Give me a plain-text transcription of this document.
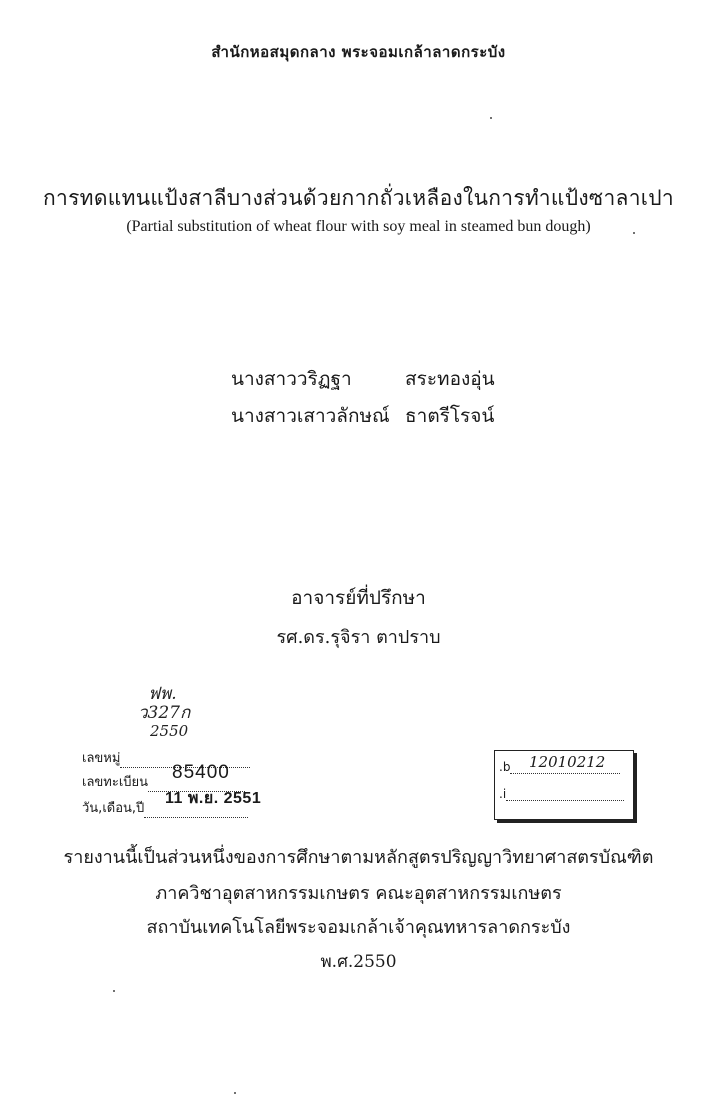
สำนักหอสมุดกลาง พระจอมเกล้าลาดกระบัง
การทดแทนแป้งสาลีบางส่วนด้วยกากถั่วเหลืองในการทำแป้งซาลาเปา
(Partial substitution of wheat flour with soy meal in steamed bun dough)
นางสาววริฏฐา	สระทองอุ่น
นางสาวเสาวลักษณ์ ธาตรีโรจน์
อาจารย์ที่ปรึกษา
รศ.ดร.รุจิรา ตาปราบ
ฟพ.
ว327ก
2550
เลขหมู่
เลขทะเบียน
วัน,เดือน,ปี
85400
11 พ.ย. 2551
.b	12010212
.i
รายงานนี้เป็นส่วนหนึ่งของการศึกษาตามหลักสูตรปริญญาวิทยาศาสตรบัณฑิต
ภาควิชาอุตสาหกรรมเกษตร คณะอุตสาหกรรมเกษตร
สถาบันเทคโนโลยีพระจอมเกล้าเจ้าคุณทหารลาดกระบัง
พ.ศ.2550
